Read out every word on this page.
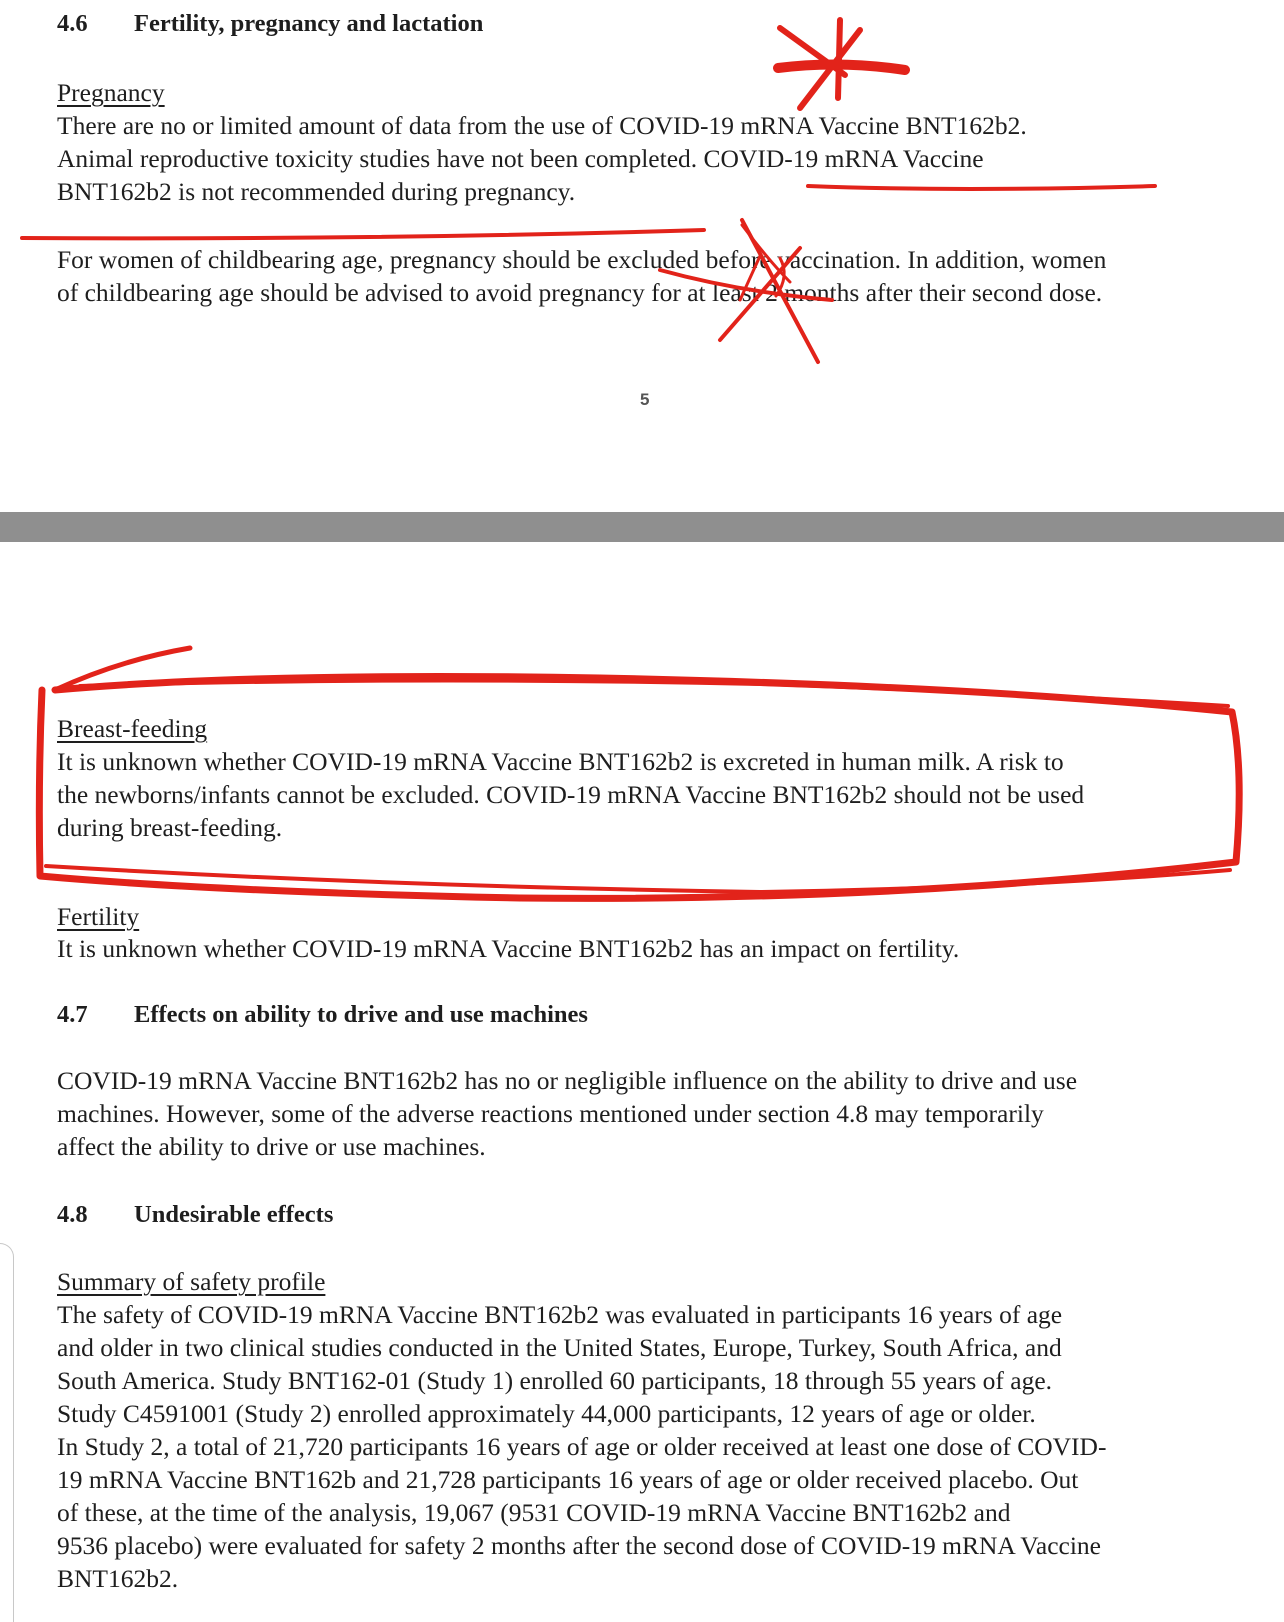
4.6 Fertility, pregnancy and lactation

Pregnancy

There are no or limited amount of data from the use of COVID-19 mRNA Vaccine BNT162b2.

Animal reproductive toxicity studies have not been completed. COVID-19 mRNA Vaccine

BNT162b2 is not recommended during pregnancy.

For women of childbearing age, pregnancy should be excluded before vaccination. In addition, women

of childbearing age should be advised to avoid pregnancy for at least 2 months after their second dose.

5

Breast-feeding

It is unknown whether COVID-19 mRNA Vaccine BNT162b2 is excreted in human milk. A risk to

the newborns/infants cannot be excluded. COVID-19 mRNA Vaccine BNT162b2 should not be used

during breast-feeding.

Fertility

It is unknown whether COVID-19 mRNA Vaccine BNT162b2 has an impact on fertility.

4.7 Effects on ability to drive and use machines

COVID-19 mRNA Vaccine BNT162b2 has no or negligible influence on the ability to drive and use

machines. However, some of the adverse reactions mentioned under section 4.8 may temporarily

affect the ability to drive or use machines.

4.8 Undesirable effects

Summary of safety profile

The safety of COVID-19 mRNA Vaccine BNT162b2 was evaluated in participants 16 years of age

and older in two clinical studies conducted in the United States, Europe, Turkey, South Africa, and

South America. Study BNT162-01 (Study 1) enrolled 60 participants, 18 through 55 years of age.

Study C4591001 (Study 2) enrolled approximately 44,000 participants, 12 years of age or older.

In Study 2, a total of 21,720 participants 16 years of age or older received at least one dose of COVID-

19 mRNA Vaccine BNT162b and 21,728 participants 16 years of age or older received placebo. Out

of these, at the time of the analysis, 19,067 (9531 COVID-19 mRNA Vaccine BNT162b2 and

9536 placebo) were evaluated for safety 2 months after the second dose of COVID-19 mRNA Vaccine

BNT162b2.
